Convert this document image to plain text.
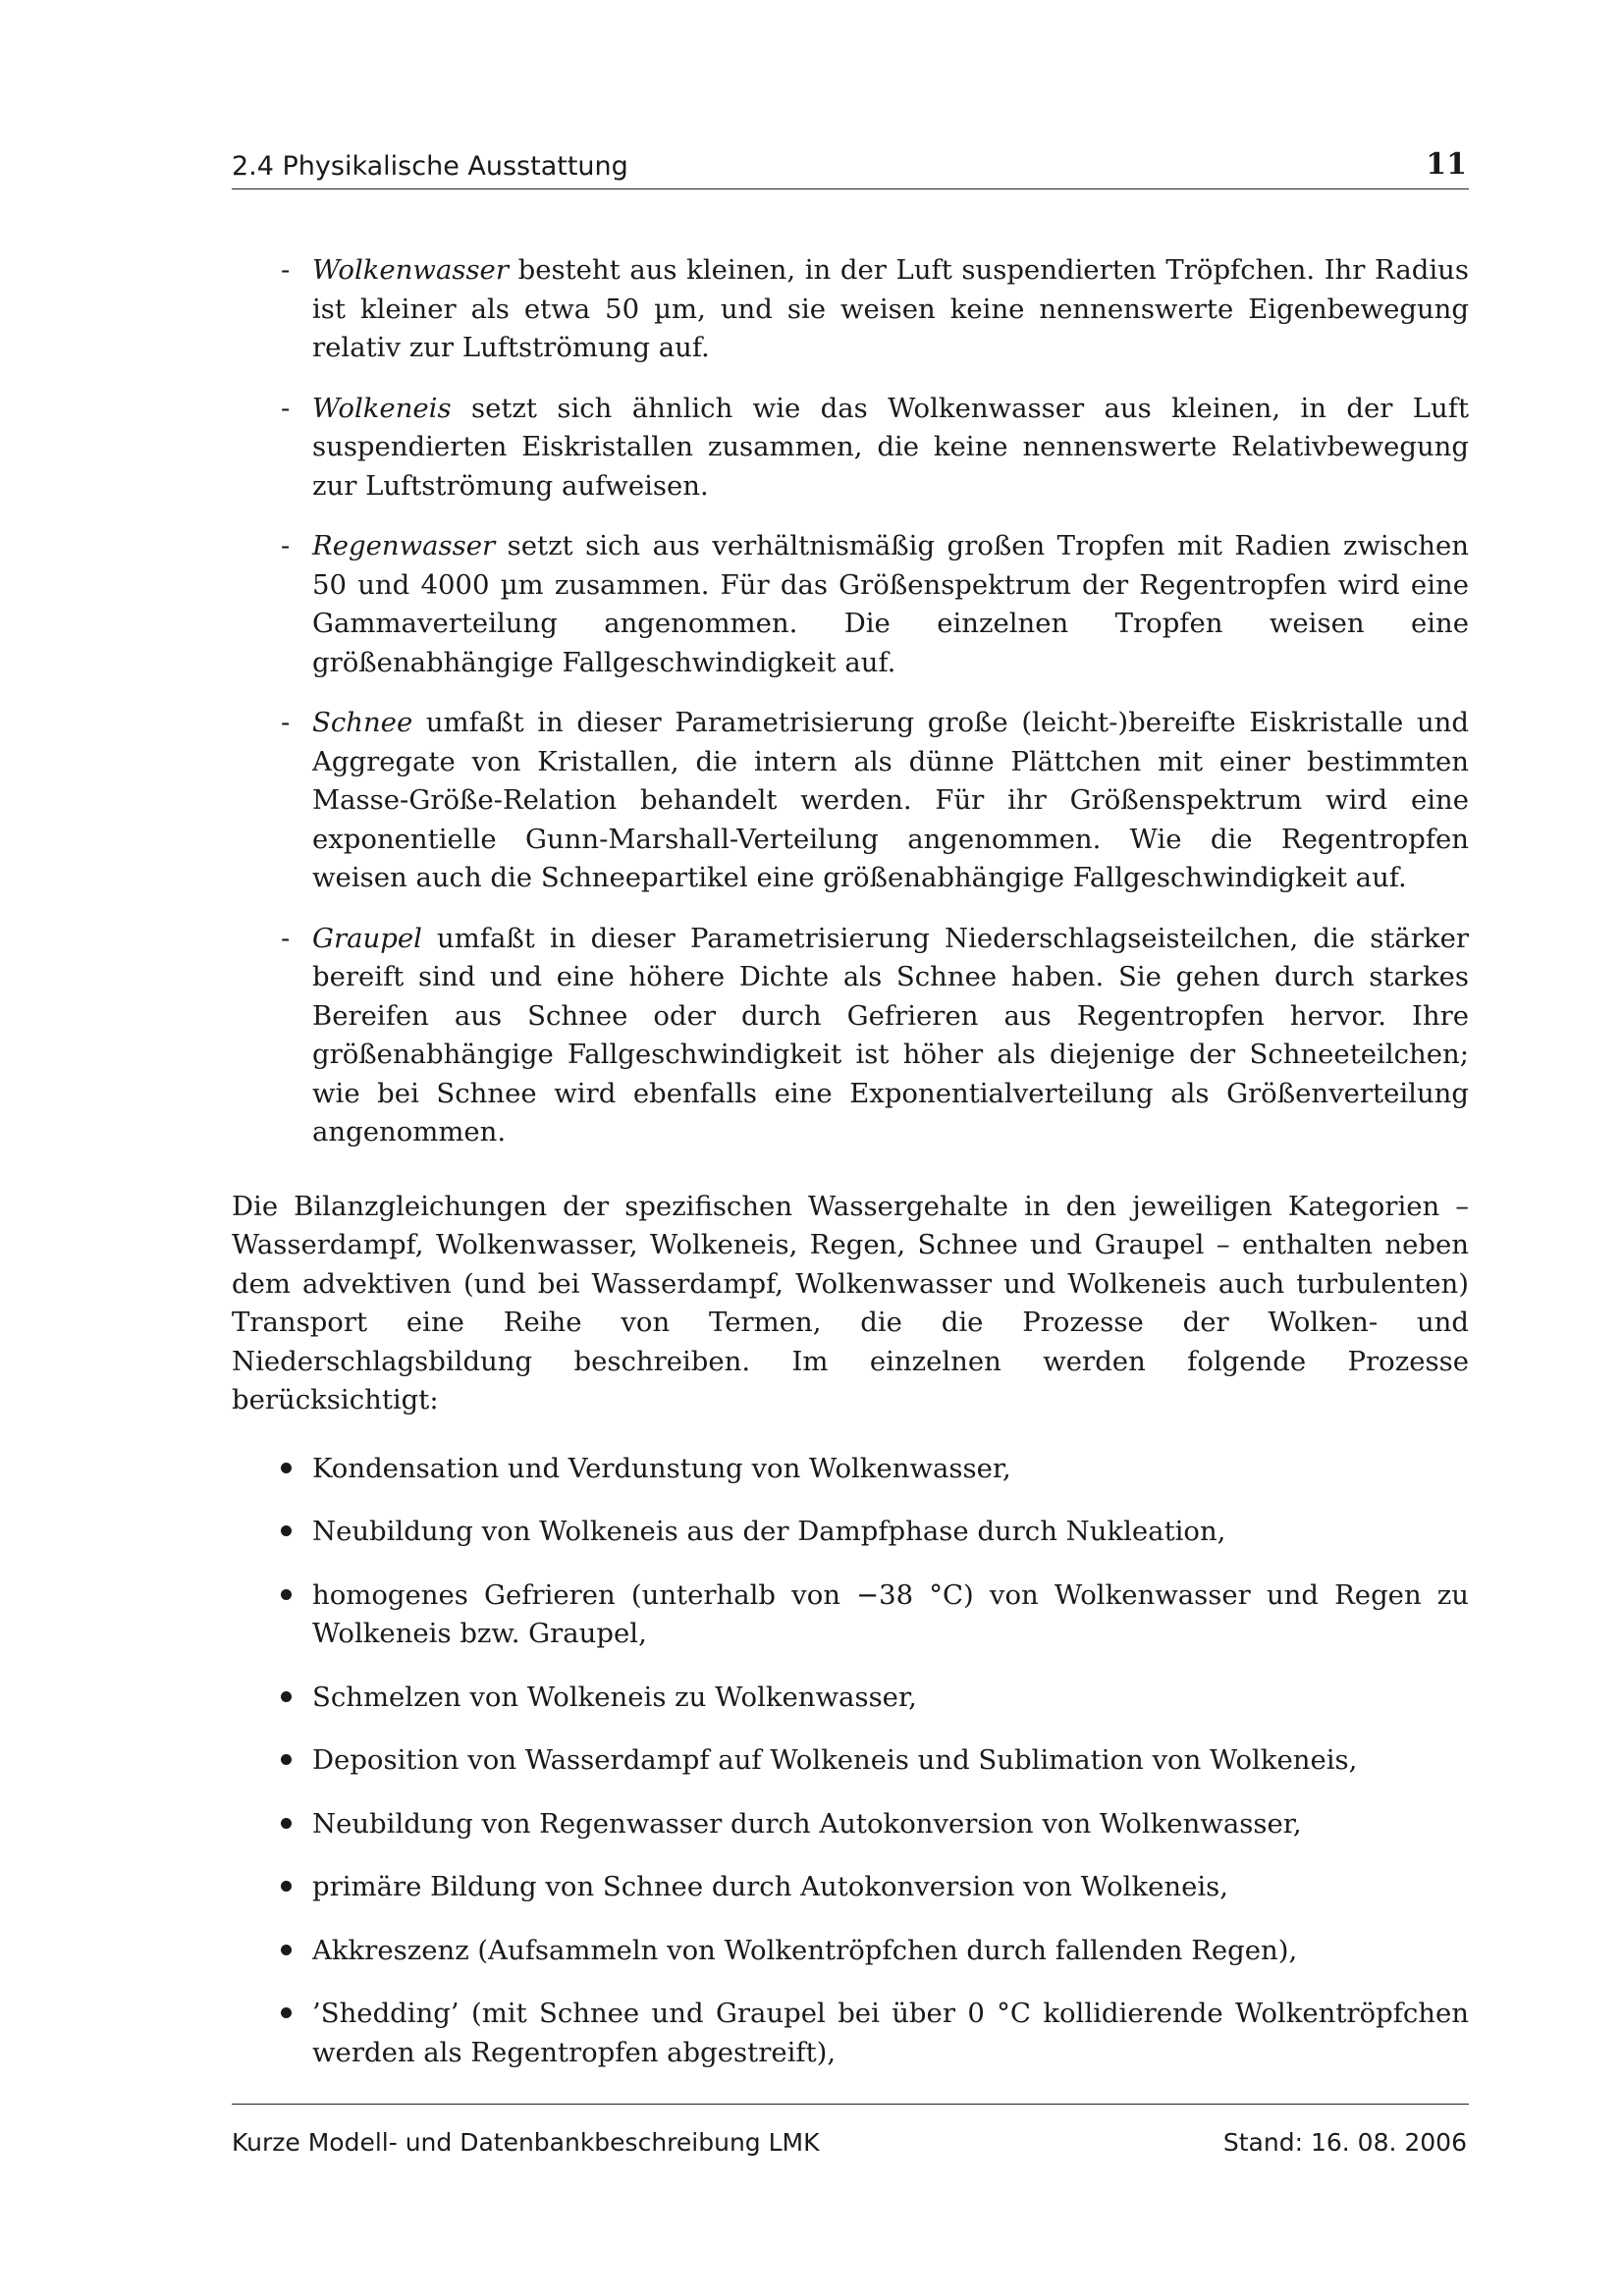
2.4 Physikalische Ausstattung	11
- Wolkenwasser besteht aus kleinen, in der Luft suspendierten Tröpfchen. Ihr Radius ist kleiner als etwa 50 µm, und sie weisen keine nennenswerte Eigenbewegung relativ zur Luftströmung auf.
- Wolkeneis setzt sich ähnlich wie das Wolkenwasser aus kleinen, in der Luft suspendierten Eiskristallen zusammen, die keine nennenswerte Relativbewegung zur Luftströmung aufweisen.
- Regenwasser setzt sich aus verhältnismäßig großen Tropfen mit Radien zwischen 50 und 4000 µm zusammen. Für das Größenspektrum der Regentropfen wird eine Gammaverteilung angenommen. Die einzelnen Tropfen weisen eine größenabhängige Fallgeschwindigkeit auf.
- Schnee umfaßt in dieser Parametrisierung große (leicht-)bereifte Eiskristalle und Aggregate von Kristallen, die intern als dünne Plättchen mit einer bestimmten Masse-Größe-Relation behandelt werden. Für ihr Größenspektrum wird eine exponentielle Gunn-Marshall-Verteilung angenommen. Wie die Regentropfen weisen auch die Schneepartikel eine größenabhängige Fallgeschwindigkeit auf.
- Graupel umfaßt in dieser Parametrisierung Niederschlagseisteilchen, die stärker bereift sind und eine höhere Dichte als Schnee haben. Sie gehen durch starkes Bereifen aus Schnee oder durch Gefrieren aus Regentropfen hervor. Ihre größenabhängige Fallgeschwindigkeit ist höher als diejenige der Schneeteilchen; wie bei Schnee wird ebenfalls eine Exponentialverteilung als Größenverteilung angenommen.

Die Bilanzgleichungen der spezifischen Wassergehalte in den jeweiligen Kategorien – Wasserdampf, Wolkenwasser, Wolkeneis, Regen, Schnee und Graupel – enthalten neben dem advektiven (und bei Wasserdampf, Wolkenwasser und Wolkeneis auch turbulenten) Transport eine Reihe von Termen, die die Prozesse der Wolken- und Niederschlagsbildung beschreiben. Im einzelnen werden folgende Prozesse berücksichtigt:

Kondensation und Verdunstung von Wolkenwasser,
Neubildung von Wolkeneis aus der Dampfphase durch Nukleation,
homogenes Gefrieren (unterhalb von −38 °C) von Wolkenwasser und Regen zu Wolkeneis bzw. Graupel,
Schmelzen von Wolkeneis zu Wolkenwasser,
Deposition von Wasserdampf auf Wolkeneis und Sublimation von Wolkeneis,
Neubildung von Regenwasser durch Autokonversion von Wolkenwasser,
primäre Bildung von Schnee durch Autokonversion von Wolkeneis,
Akkreszenz (Aufsammeln von Wolkentröpfchen durch fallenden Regen),
’Shedding’ (mit Schnee und Graupel bei über 0 °C kollidierende Wolkentröpfchen werden als Regentropfen abgestreift),
Kurze Modell- und Datenbankbeschreibung LMK	Stand: 16. 08. 2006
